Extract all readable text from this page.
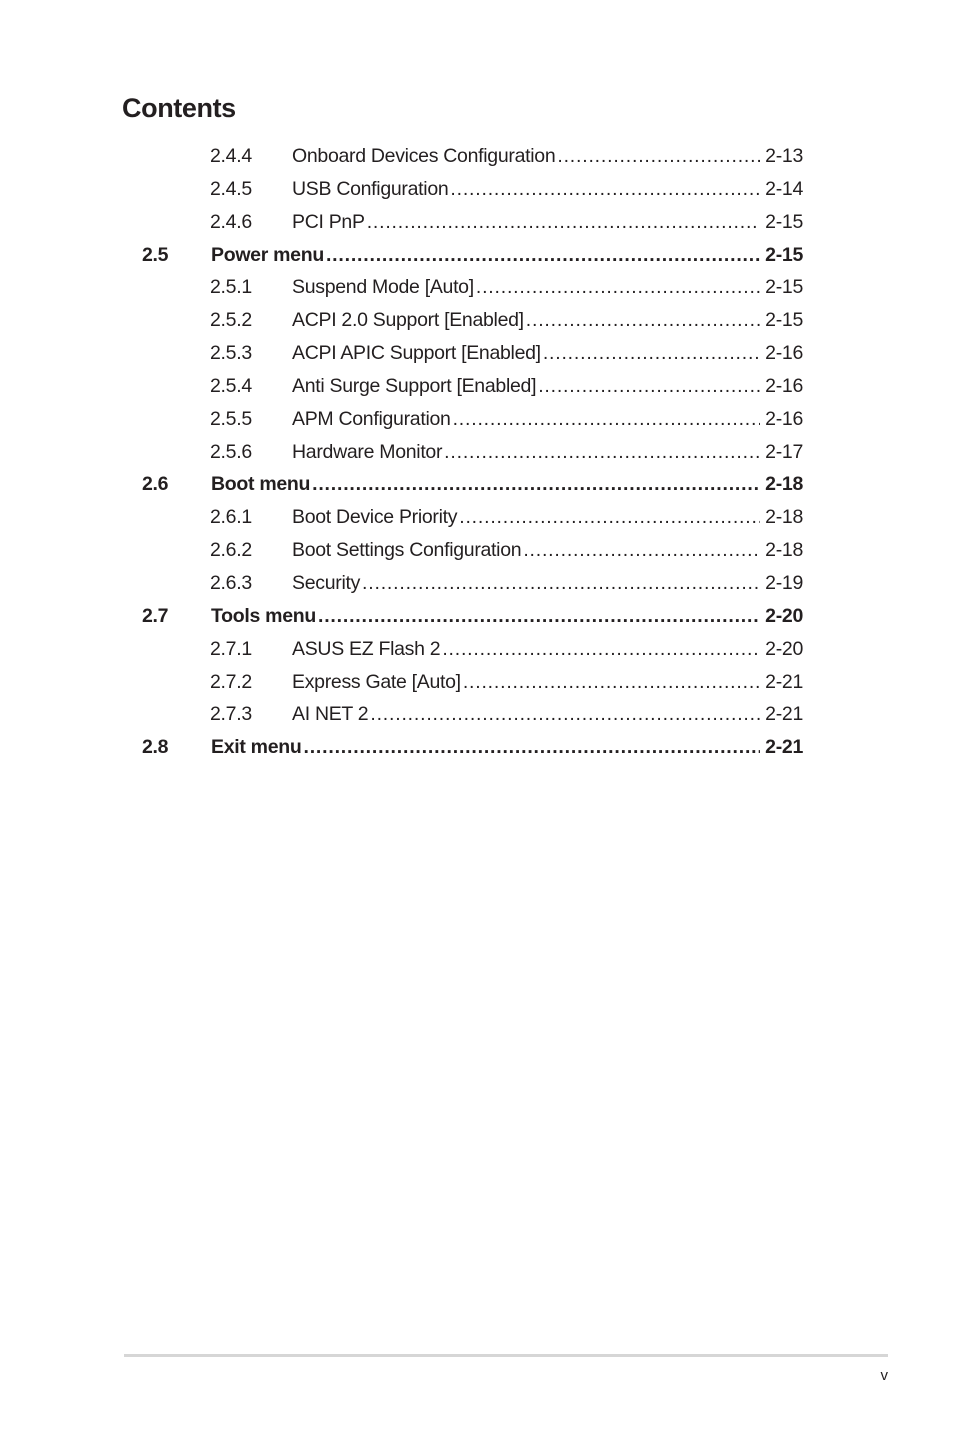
Contents
2.4.4 Onboard Devices Configuration .....	2-13
2.4.5 USB Configuration .....	2-14
2.4.6 PCI PnP .....	2-15
2.5 Power menu .....	2-15
2.5.1 Suspend Mode [Auto] .....	2-15
2.5.2 ACPI 2.0 Support [Enabled] .....	2-15
2.5.3 ACPI APIC Support [Enabled] .....	2-16
2.5.4 Anti Surge Support [Enabled] .....	2-16
2.5.5 APM Configuration .....	2-16
2.5.6 Hardware Monitor .....	2-17
2.6 Boot menu .....	2-18
2.6.1 Boot Device Priority .....	2-18
2.6.2 Boot Settings Configuration .....	2-18
2.6.3 Security .....	2-19
2.7 Tools menu .....	2-20
2.7.1 ASUS EZ Flash 2 .....	2-20
2.7.2 Express Gate [Auto] .....	2-21
2.7.3 AI NET 2 .....	2-21
2.8 Exit menu .....	2-21
v
